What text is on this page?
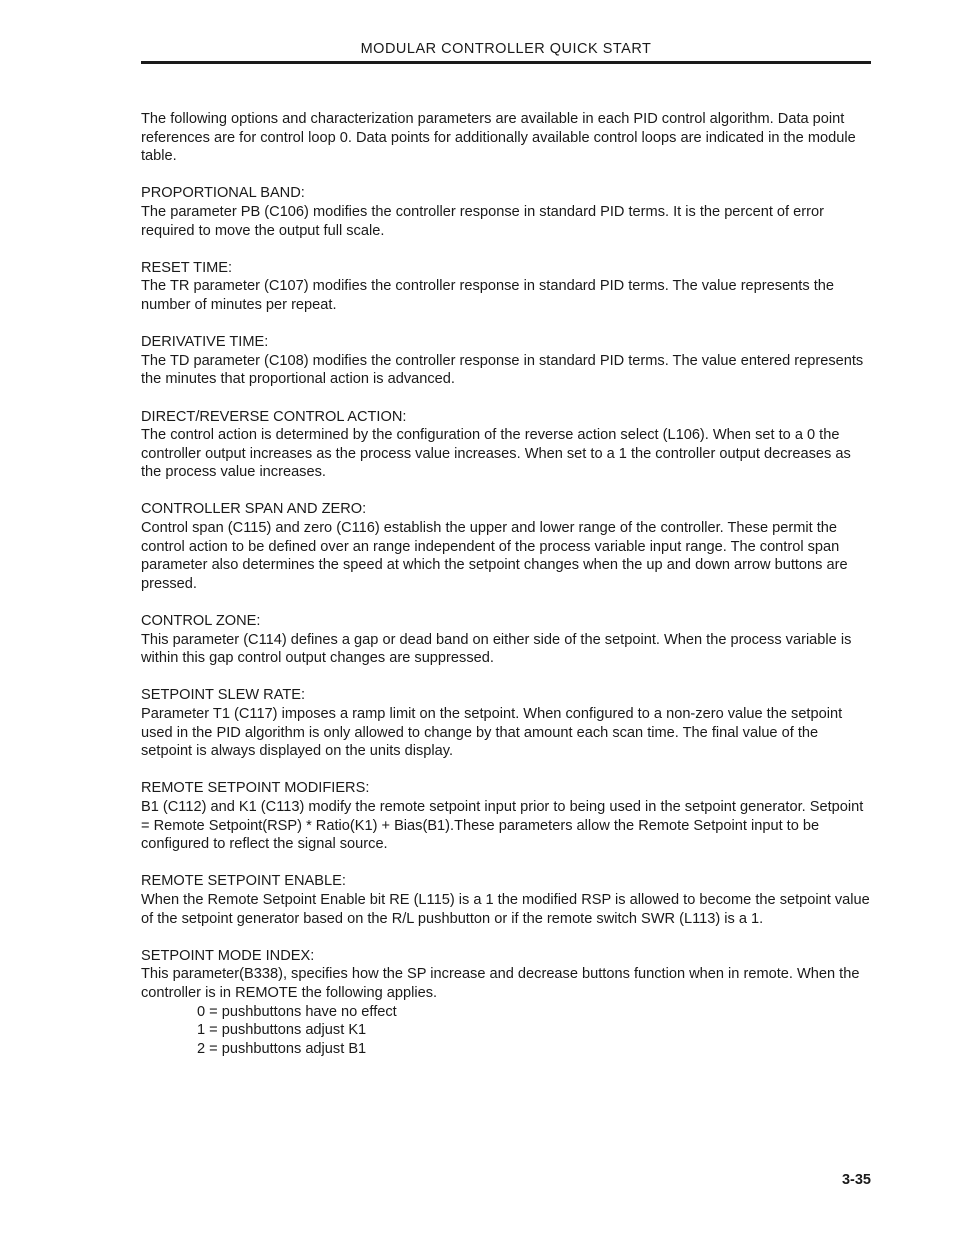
MODULAR CONTROLLER QUICK START

The following options and characterization parameters are available in each PID control algorithm. Data point references are for control loop 0. Data points for additionally available control loops are indicated in the module table.

PROPORTIONAL BAND:

The parameter PB (C106) modifies the controller response in standard PID terms. It is the percent of error required to move the output full scale.

RESET TIME:

The TR parameter (C107) modifies the controller response in standard PID terms. The value represents the number of minutes per repeat.

DERIVATIVE TIME:

The TD parameter (C108) modifies the controller response in standard PID terms. The value entered represents the minutes that proportional action is advanced.

DIRECT/REVERSE CONTROL ACTION:

The control action is determined by the configuration of the reverse action select (L106). When set to a 0 the controller output increases as the process value increases. When set to a 1 the controller output decreases as the process value increases.

CONTROLLER SPAN AND ZERO:

Control span (C115) and zero (C116) establish the upper and lower range of the controller. These permit the control action to be defined over an range independent of the process variable input range. The control span parameter also determines the speed at which the setpoint changes when the up and down arrow buttons are pressed.

CONTROL ZONE:

This parameter (C114) defines a gap or dead band on either side of the setpoint. When the process variable is within this gap control output changes are suppressed.

SETPOINT SLEW RATE:

Parameter T1 (C117) imposes a ramp limit on the setpoint. When configured to a non-zero value the setpoint used in the PID algorithm is only allowed to change by that amount each scan time. The final value of the setpoint is always displayed on the units display.

REMOTE SETPOINT MODIFIERS:

B1 (C112) and K1 (C113) modify the remote setpoint input prior to being used in the setpoint generator. Setpoint = Remote Setpoint(RSP) * Ratio(K1) + Bias(B1).These parameters allow the Remote Setpoint input to be configured to reflect the signal source.

REMOTE SETPOINT ENABLE:

When the Remote Setpoint Enable bit RE (L115) is a 1 the modified RSP is allowed to become the setpoint value of the setpoint generator based on the R/L pushbutton or if the remote switch SWR (L113) is a 1.

SETPOINT MODE INDEX:

This parameter(B338), specifies how the SP increase and decrease buttons function when in remote. When the controller is in REMOTE the following applies.

0 = pushbuttons have no effect
1 = pushbuttons adjust K1
2 = pushbuttons adjust B1
3-35
